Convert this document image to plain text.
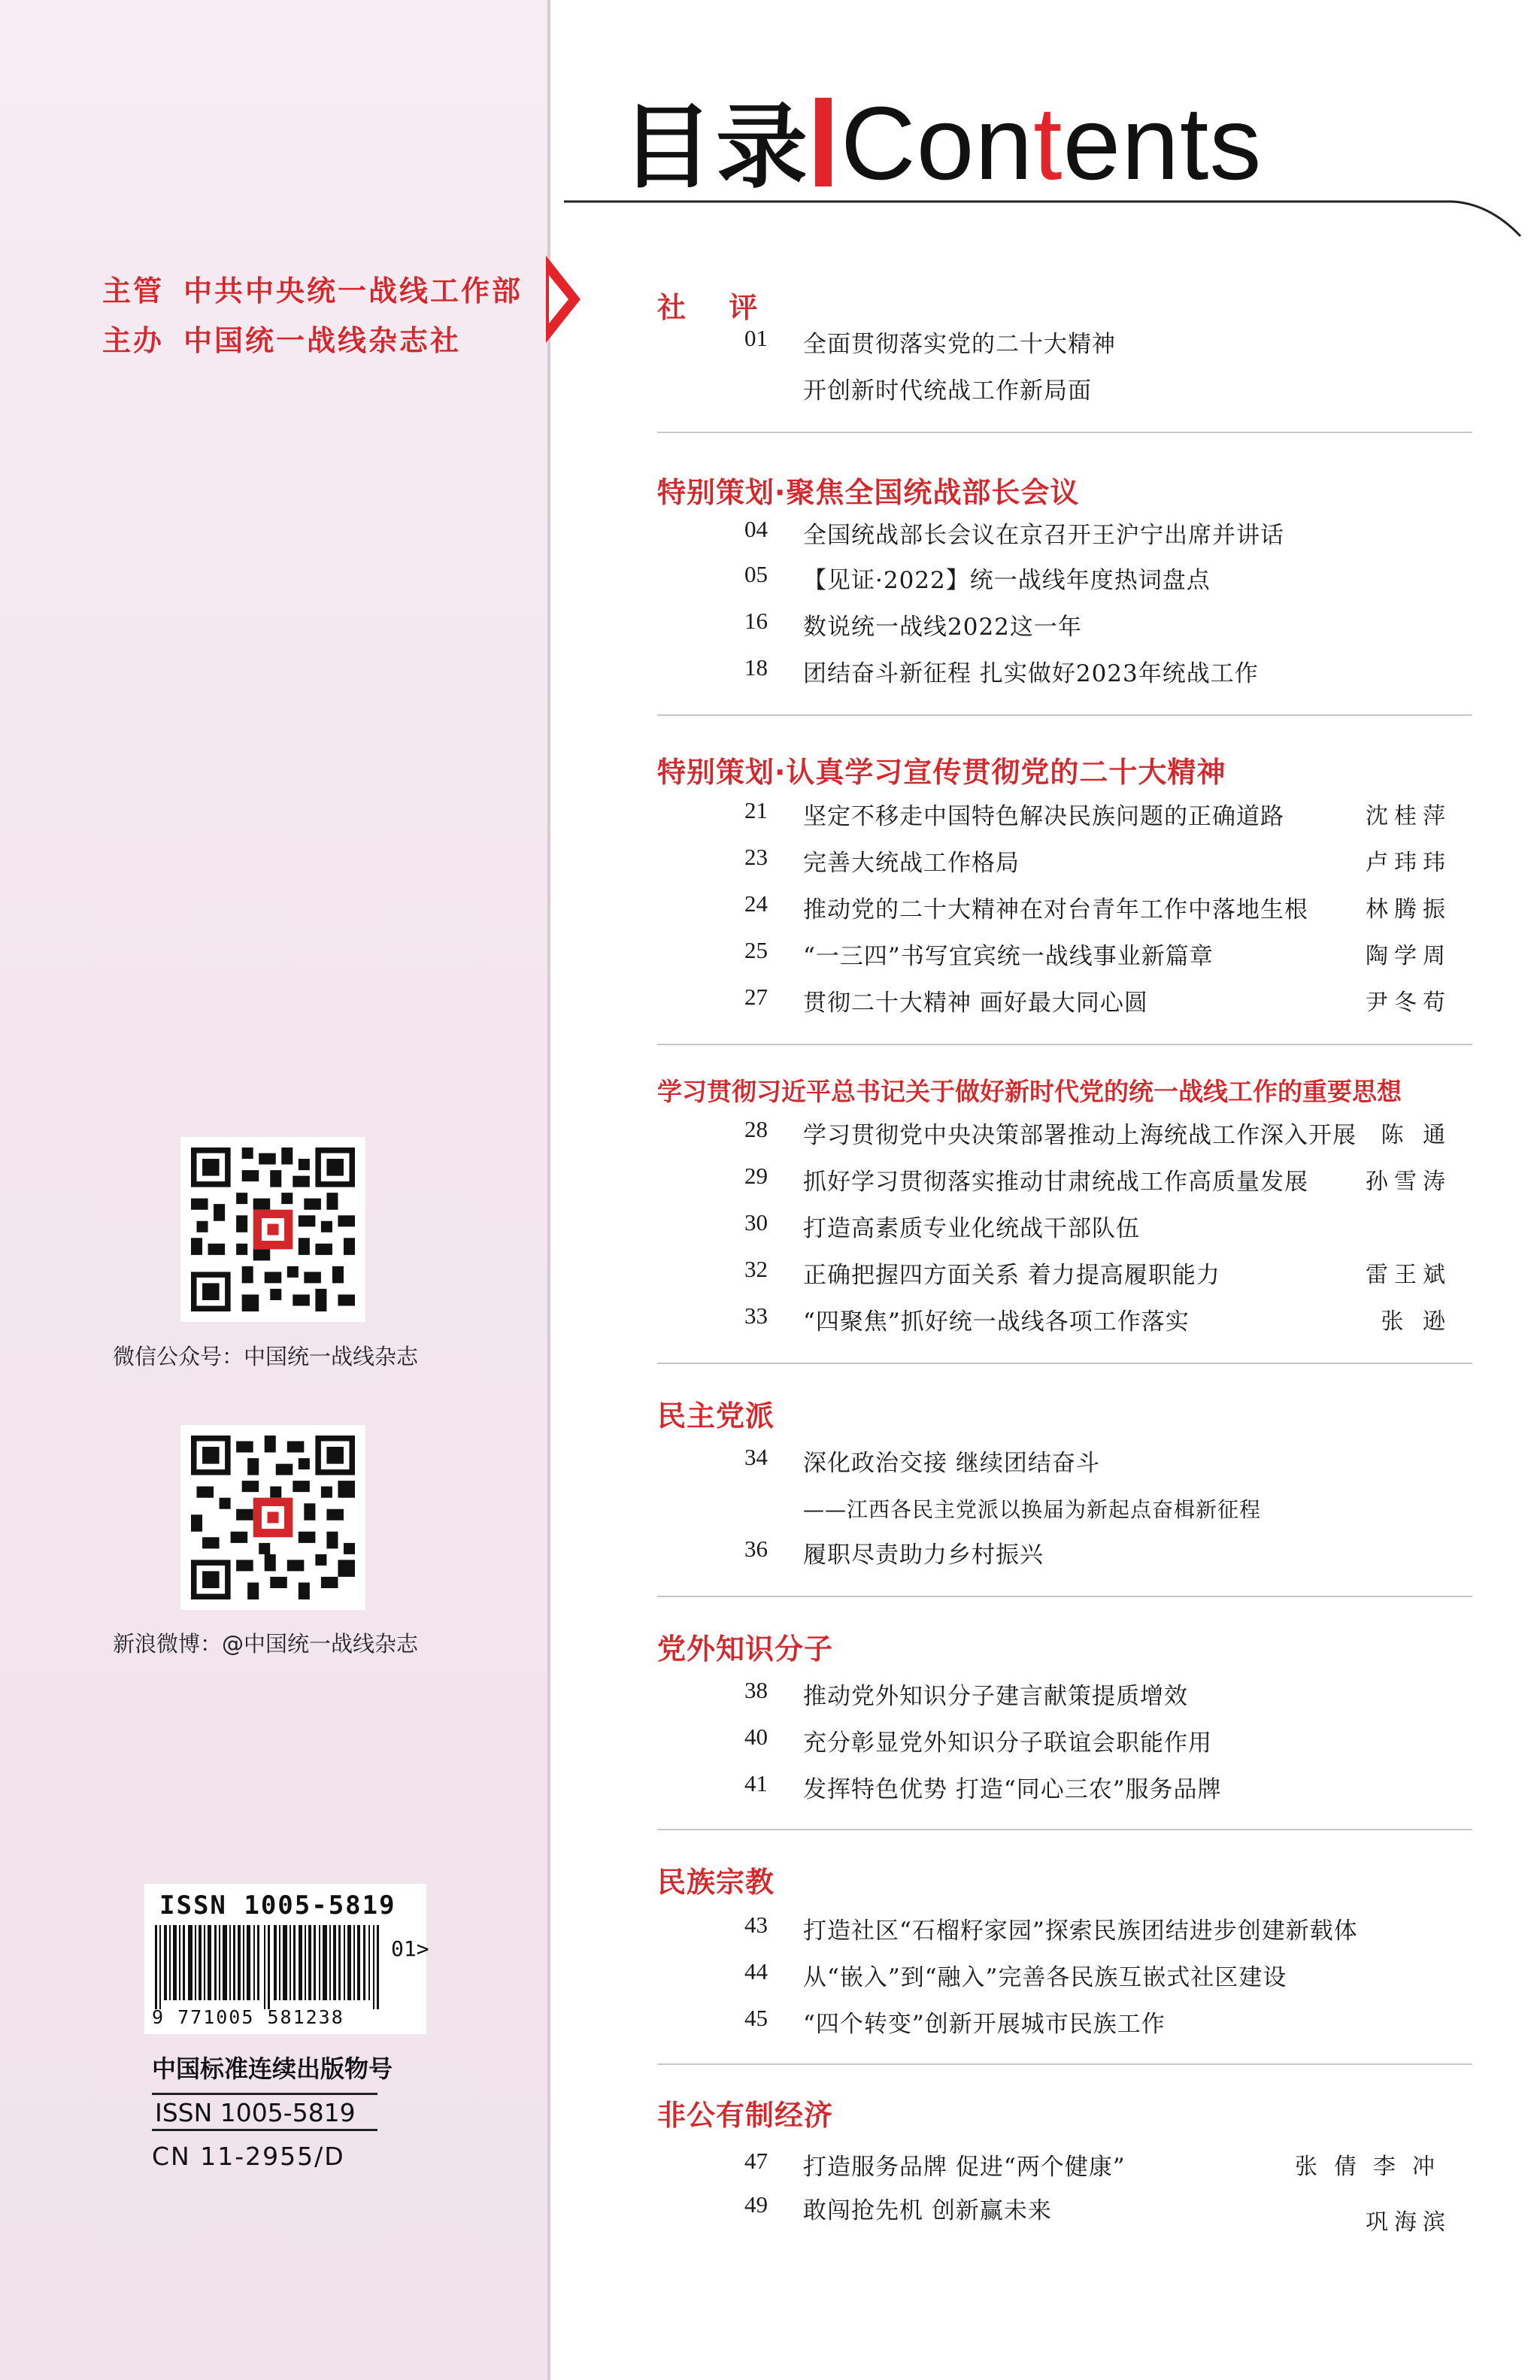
主管 中共中央统一战线工作部
主办 中国统一战线杂志社
微信公众号：中国统一战线杂志
新浪微博：@中国统一战线杂志
ISSN 1005-5819
01>
9 771005 581238
中国标准连续出版物号
ISSN 1005-5819
CN 11-2955/D
目录 Contents
社 评
01	全面贯彻落实党的二十大精神
开创新时代统战工作新局面
特别策划·聚焦全国统战部长会议
04	全国统战部长会议在京召开王沪宁出席并讲话
05	【见证·2022】统一战线年度热词盘点
16	数说统一战线2022这一年
18	团结奋斗新征程 扎实做好2023年统战工作
特别策划·认真学习宣传贯彻党的二十大精神
21	坚定不移走中国特色解决民族问题的正确道路	沈桂萍
23	完善大统战工作格局	卢玮玮
24	推动党的二十大精神在对台青年工作中落地生根	林腾振
25	“一三四”书写宜宾统一战线事业新篇章	陶学周
27	贯彻二十大精神 画好最大同心圆	尹冬苟
学习贯彻习近平总书记关于做好新时代党的统一战线工作的重要思想
28	学习贯彻党中央决策部署推动上海统战工作深入开展 陈 通
29	抓好学习贯彻落实推动甘肃统战工作高质量发展	孙雪涛
30	打造高素质专业化统战干部队伍
32	正确把握四方面关系 着力提高履职能力	雷王斌
33	“四聚焦”抓好统一战线各项工作落实	张 逊
民主党派
34	深化政治交接 继续团结奋斗
——江西各民主党派以换届为新起点奋楫新征程
36	履职尽责助力乡村振兴
党外知识分子
38	推动党外知识分子建言献策提质增效
40	充分彰显党外知识分子联谊会职能作用
41	发挥特色优势 打造“同心三农”服务品牌
民族宗教
43	打造社区“石榴籽家园”探索民族团结进步创建新载体
44	从“嵌入”到“融入”完善各民族互嵌式社区建设
45	“四个转变”创新开展城市民族工作
非公有制经济
47	打造服务品牌 促进“两个健康”	张倩李冲
49	敢闯抢先机 创新赢未来	巩海滨
